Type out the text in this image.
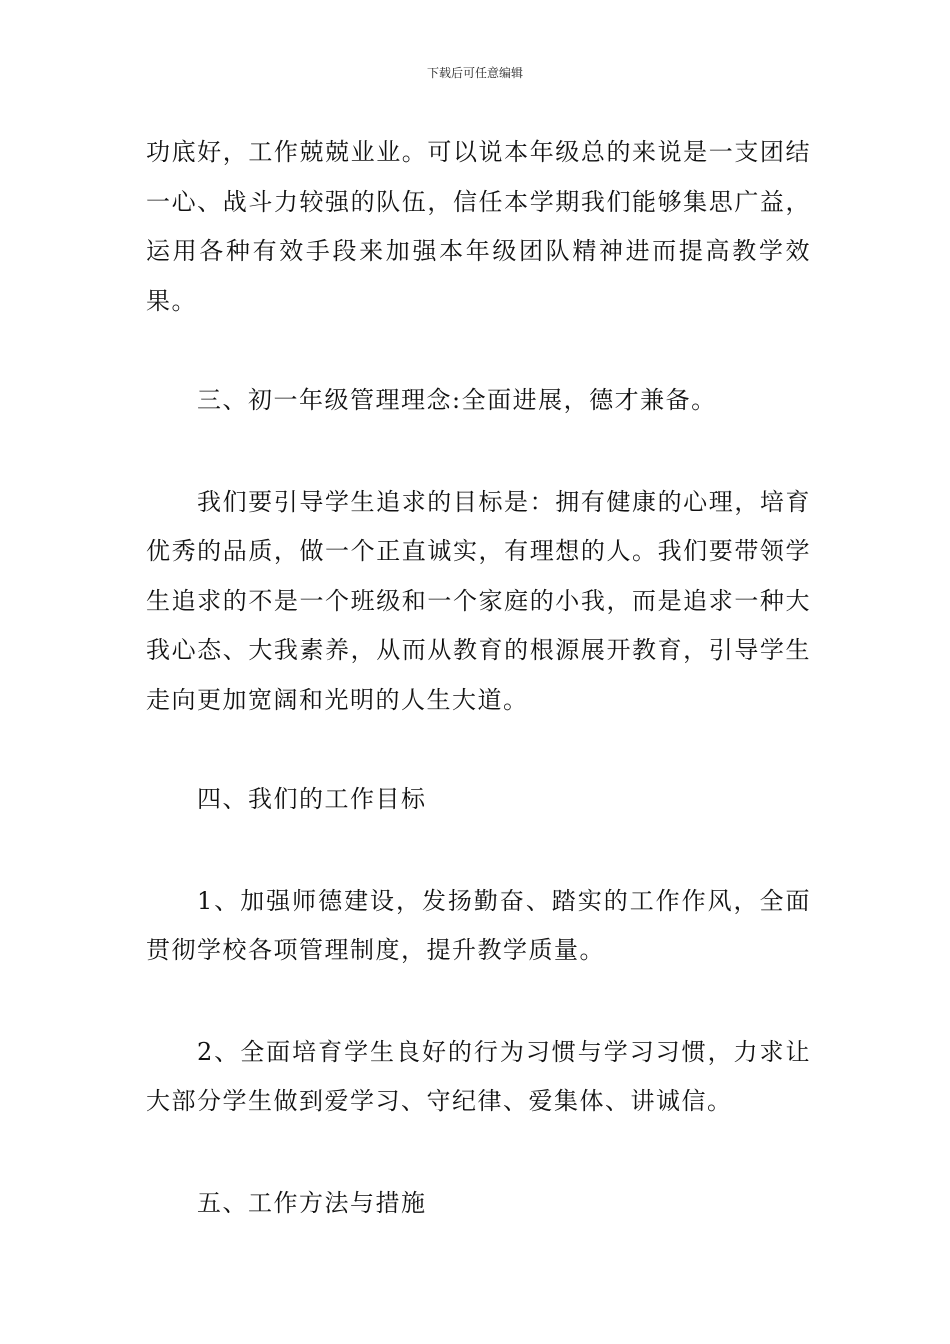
下载后可任意编辑

功底好，工作兢兢业业。可以说本年级总的来说是一支团结一心、战斗力较强的队伍，信任本学期我们能够集思广益，运用各种有效手段来加强本年级团队精神进而提高教学效果。

三、初一年级管理理念:全面进展，德才兼备。

我们要引导学生追求的目标是：拥有健康的心理，培育优秀的品质，做一个正直诚实，有理想的人。我们要带领学生追求的不是一个班级和一个家庭的小我，而是追求一种大我心态、大我素养，从而从教育的根源展开教育，引导学生走向更加宽阔和光明的人生大道。

四、我们的工作目标

1、加强师德建设，发扬勤奋、踏实的工作作风，全面贯彻学校各项管理制度，提升教学质量。

2、全面培育学生良好的行为习惯与学习习惯，力求让大部分学生做到爱学习、守纪律、爱集体、讲诚信。

五、工作方法与措施
